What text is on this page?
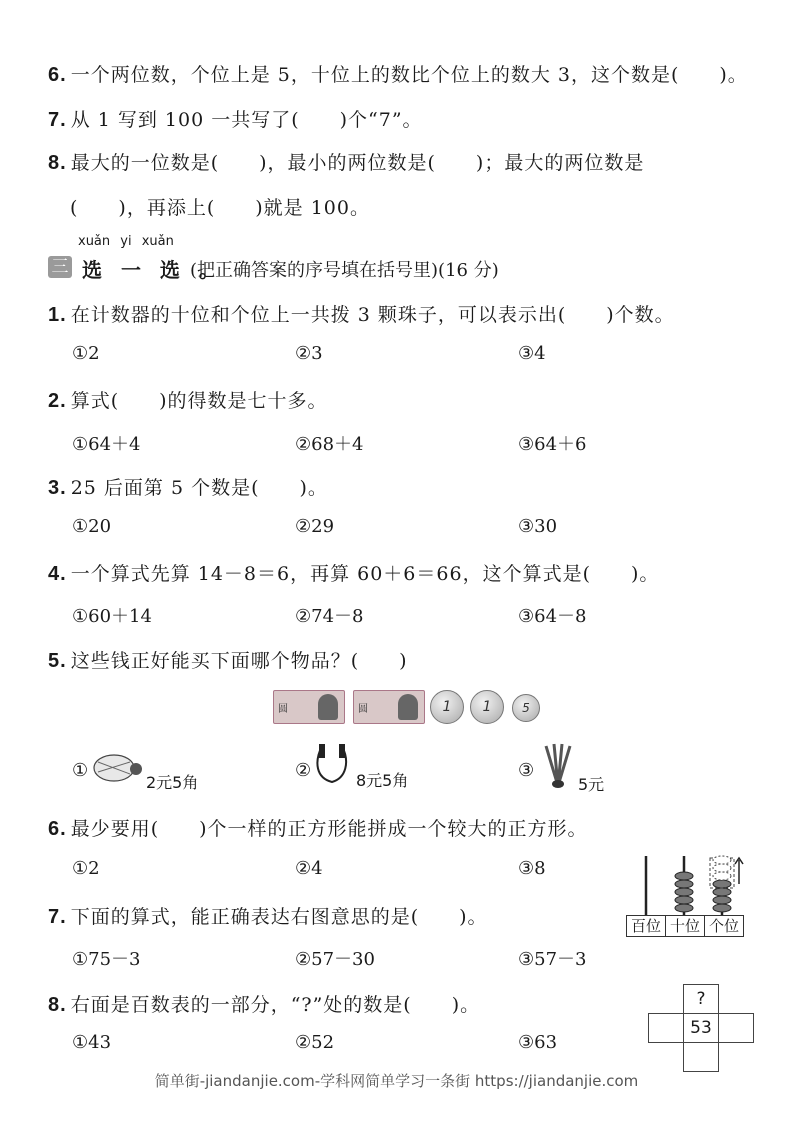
6. 一个两位数，个位上是 5，十位上的数比个位上的数大 3，这个数是(　　)。
7. 从 1 写到 100 一共写了(　　)个“7”。
8. 最大的一位数是(　　)，最小的两位数是(　　)；最大的两位数是
(　　)，再添上(　　)就是 100。
xuǎn yi xuǎn
三 选 一 选 。
(把正确答案的序号填在括号里)(16 分)
1. 在计数器的十位和个位上一共拨 3 颗珠子，可以表示出(　　)个数。
①2	②3	③4
2. 算式(　　)的得数是七十多。
①64＋4	②68＋4	③64＋6
3. 25 后面第 5 个数是(　　)。
①20	②29	③30
4. 一个算式先算 14－8＝6，再算 60＋6＝66，这个算式是(　　)。
①60＋14	②74－8	③64－8
5. 这些钱正好能买下面哪个物品？(　　)
圆	圆	1	1	5
①
2元5角
②	8元5角	③
5元
6. 最少要用(　　)个一样的正方形能拼成一个较大的正方形。
①2	②4	③8
百位 十位 个位
7. 下面的算式，能正确表达右图意思的是(　　)。
①75－3	②57－30	③57－3
8. 右面是百数表的一部分，“?”处的数是(　　)。
①43	②52	③63
?
53
简单街-jiandanjie.com-学科网简单学习一条街 https://jiandanjie.com
